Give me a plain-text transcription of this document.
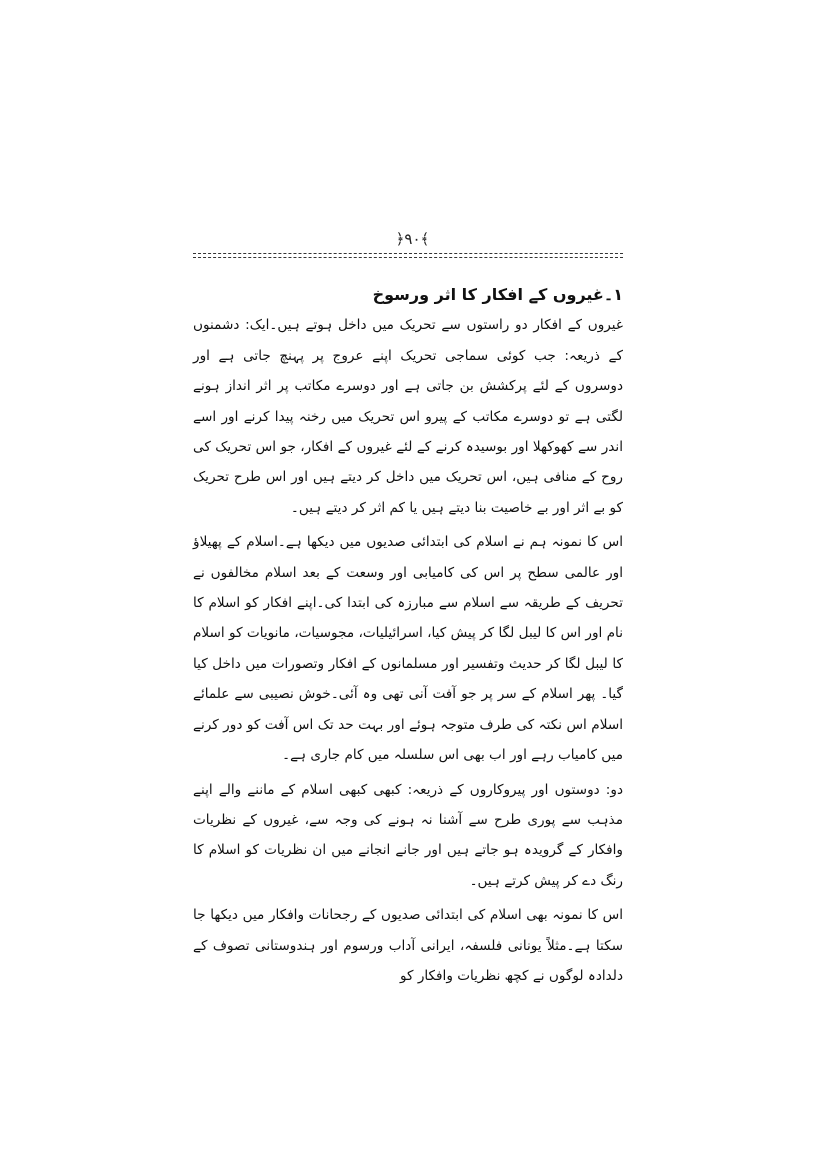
﴿۹۰﴾

۱۔غیروں کے افکار کا اثر ورسوخ

غیروں کے افکار دو راستوں سے تحریک میں داخل ہوتے ہیں۔ایک: دشمنوں کے ذریعہ: جب کوئی سماجی تحریک اپنے عروج پر پہنچ جاتی ہے اور دوسروں کے لئے پرکشش بن جاتی ہے اور دوسرے مکاتب پر اثر انداز ہونے لگتی ہے تو دوسرے مکاتب کے پیرو اس تحریک میں رخنہ پیدا کرنے اور اسے اندر سے کھوکھلا اور بوسیدہ کرنے کے لئے غیروں کے افکار، جو اس تحریک کی روح کے منافی ہیں، اس تحریک میں داخل کر دیتے ہیں اور اس طرح تحریک کو بے اثر اور بے خاصیت بنا دیتے ہیں یا کم اثر کر دیتے ہیں۔

اس کا نمونہ ہم نے اسلام کی ابتدائی صدیوں میں دیکھا ہے۔اسلام کے پھیلاؤ اور عالمی سطح پر اس کی کامیابی اور وسعت کے بعد اسلام مخالفوں نے تحریف کے طریقہ سے اسلام سے مبارزہ کی ابتدا کی۔اپنے افکار کو اسلام کا نام اور اس کا لیبل لگا کر پیش کیا، اسرائیلیات، مجوسیات، مانویات کو اسلام کا لیبل لگا کر حدیث وتفسیر اور مسلمانوں کے افکار وتصورات میں داخل کیا گیا۔ پھر اسلام کے سر پر جو آفت آنی تھی وہ آئی۔خوش نصیبی سے علمائے اسلام اس نکتہ کی طرف متوجہ ہوئے اور بہت حد تک اس آفت کو دور کرنے میں کامیاب رہے اور اب بھی اس سلسلہ میں کام جاری ہے۔

دو: دوستوں اور پیروکاروں کے ذریعہ: کبھی کبھی اسلام کے ماننے والے اپنے مذہب سے پوری طرح سے آشنا نہ ہونے کی وجہ سے، غیروں کے نظریات وافکار کے گرویدہ ہو جاتے ہیں اور جانے انجانے میں ان نظریات کو اسلام کا رنگ دے کر پیش کرتے ہیں۔

اس کا نمونہ بھی اسلام کی ابتدائی صدیوں کے رجحانات وافکار میں دیکھا جا سکتا ہے۔مثلاً یونانی فلسفہ، ایرانی آداب ورسوم اور ہندوستانی تصوف کے دلدادہ لوگوں نے کچھ نظریات وافکار کو
